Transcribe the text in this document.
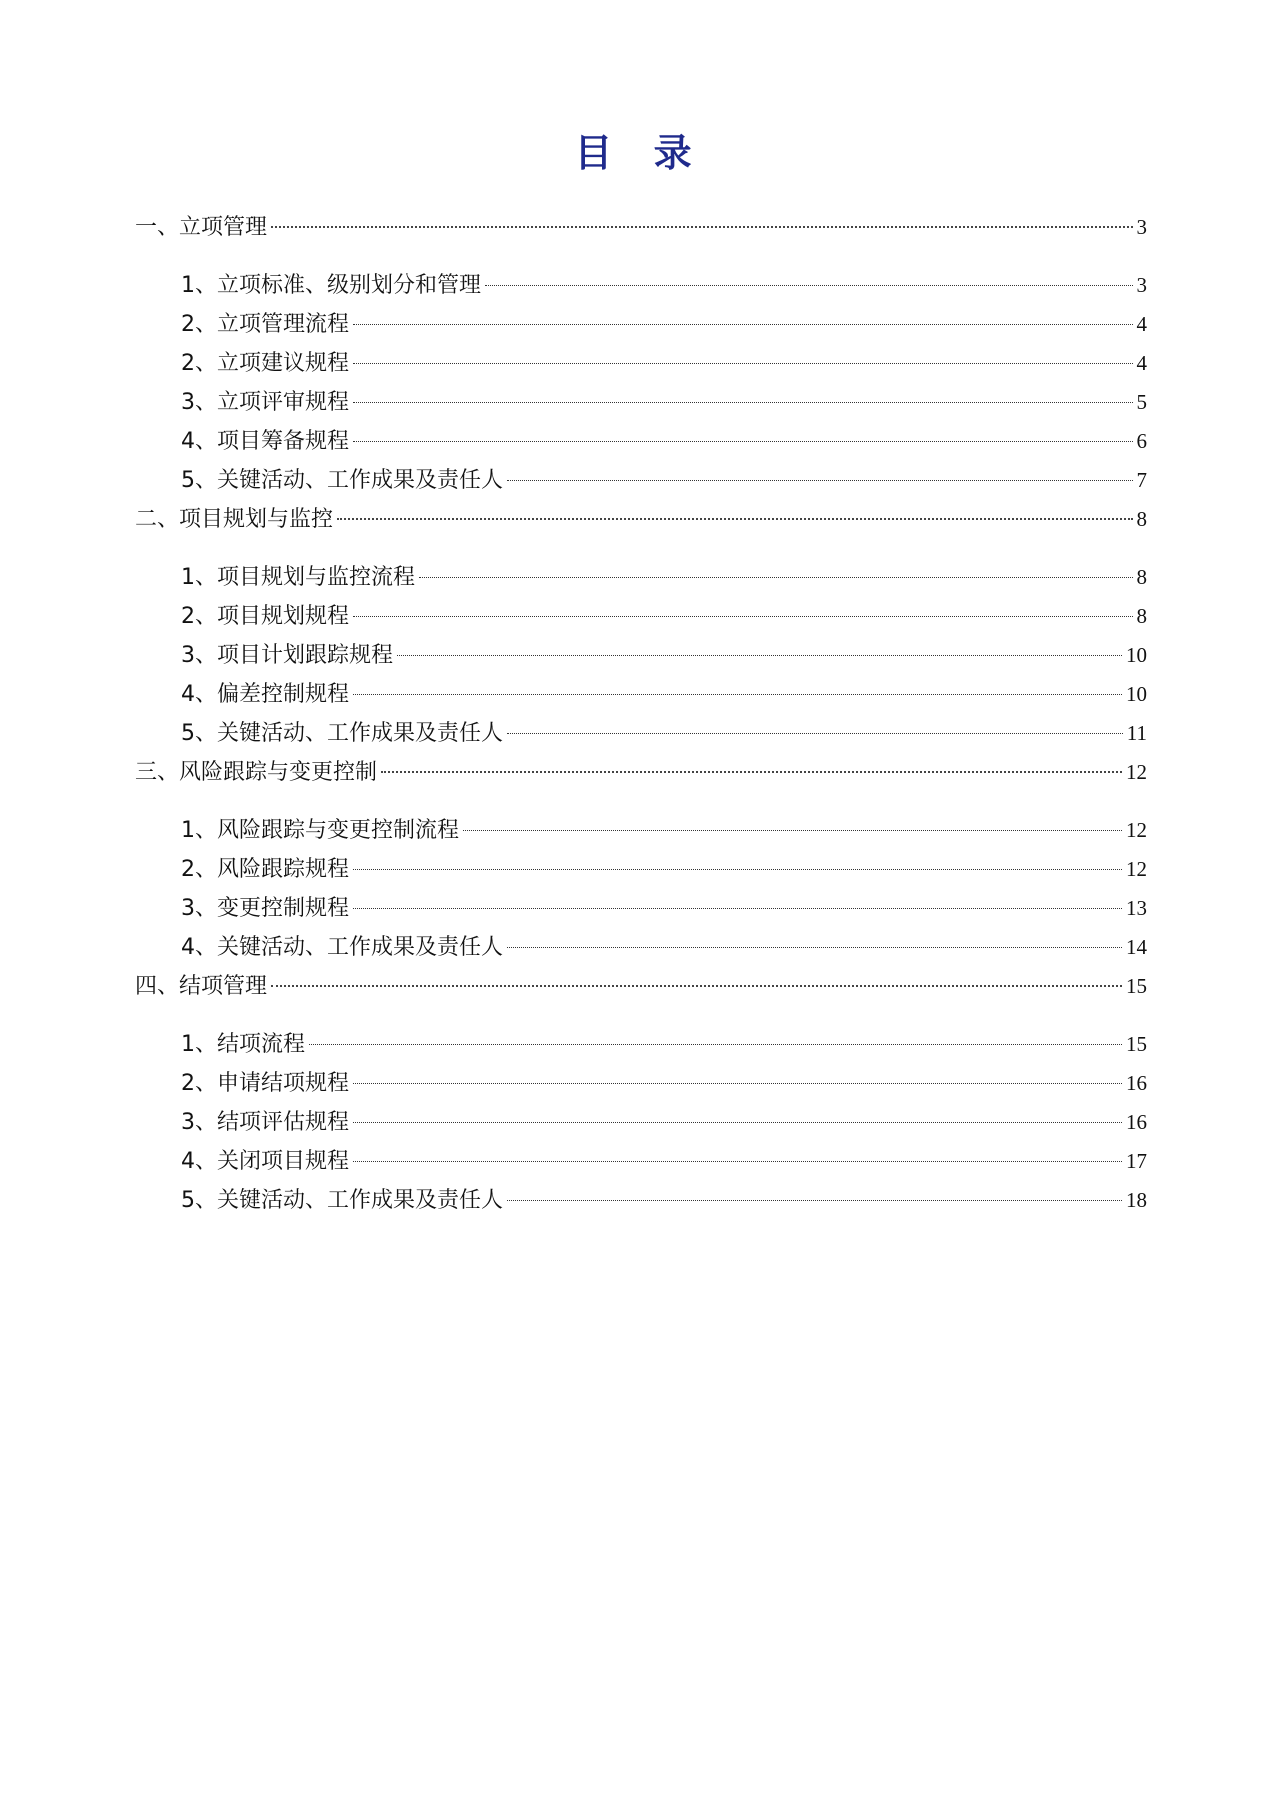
目 录
一、立项管理	3
1、立项标准、级别划分和管理	3
2、立项管理流程	4
2、立项建议规程	4
3、立项评审规程	5
4、项目筹备规程	6
5、关键活动、工作成果及责任人	7
二、项目规划与监控	8
1、项目规划与监控流程	8
2、项目规划规程	8
3、项目计划跟踪规程	10
4、偏差控制规程	10
5、关键活动、工作成果及责任人	11
三、风险跟踪与变更控制	12
1、风险跟踪与变更控制流程	12
2、风险跟踪规程	12
3、变更控制规程	13
4、关键活动、工作成果及责任人	14
四、结项管理	15
1、结项流程	15
2、申请结项规程	16
3、结项评估规程	16
4、关闭项目规程	17
5、关键活动、工作成果及责任人	18
